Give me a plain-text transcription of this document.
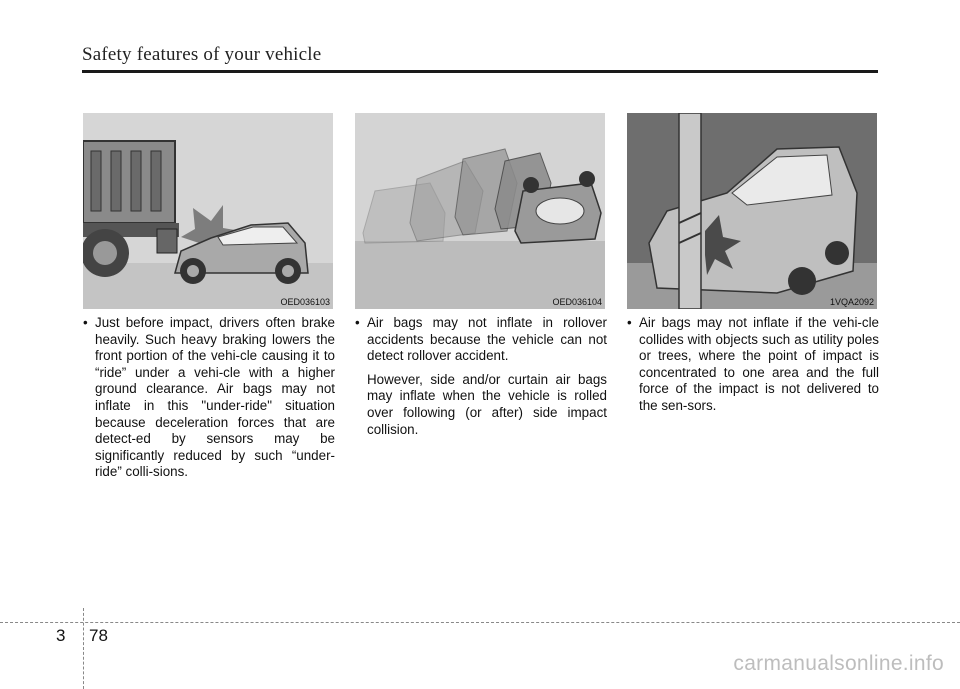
Safety features of your vehicle
OED036103	OED036104	1VQA2092
• Just before impact, drivers often brake heavily. Such heavy braking lowers the front portion of the vehi-cle causing it to “ride” under a vehi-cle with a higher ground clearance. Air bags may not inflate in this "under-ride" situation because deceleration forces that are detect-ed by sensors may be significantly reduced by such “under-ride” colli-sions.
• Air bags may not inflate in rollover accidents because the vehicle can not detect rollover accident.
However, side and/or curtain air bags may inflate when the vehicle is rolled over following (or after) side impact collision.
• Air bags may not inflate if the vehi-cle collides with objects such as utility poles or trees, where the point of impact is concentrated to one area and the full force of the impact is not delivered to the sen-sors.
3 78
carmanualsonline.info
